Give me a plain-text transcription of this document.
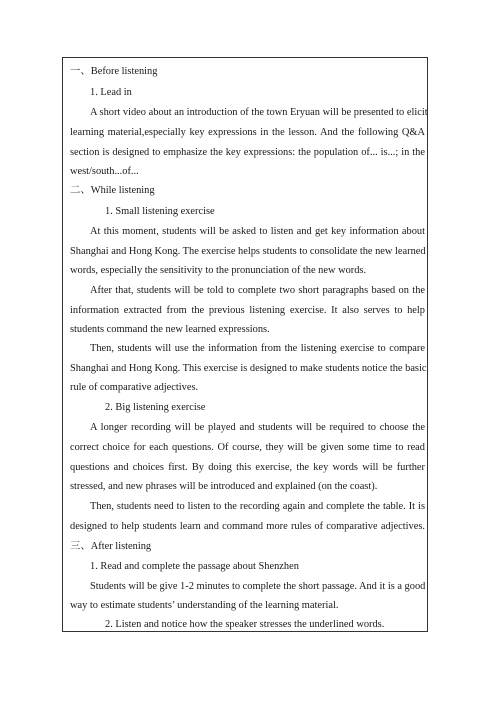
一、Before listening
1. Lead in
A short video about an introduction of the town Eryuan will be presented to elicit
learning material,especially key expressions in the lesson. And the following Q&A
section is designed to emphasize the key expressions: the population of... is...; in the
west/south...of...
二、While listening
1. Small listening exercise
At this moment, students will be asked to listen and get key information about
Shanghai and Hong Kong. The exercise helps students to consolidate the new learned
words, especially the sensitivity to the pronunciation of the new words.
After that, students will be told to complete two short paragraphs based on the
information extracted from the previous listening exercise. It also serves to help
students command the new learned expressions.
Then, students will use the information from the listening exercise to compare
Shanghai and Hong Kong. This exercise is designed to make students notice the basic
rule of comparative adjectives.
2. Big listening exercise
A longer recording will be played and students will be required to choose the
correct choice for each questions. Of course, they will be given some time to read
questions and choices first. By doing this exercise, the key words will be further
stressed, and new phrases will be introduced and explained (on the coast).
Then, students need to listen to the recording again and complete the table. It is
designed to help students learn and command more rules of comparative adjectives.
三、After listening
1. Read and complete the passage about Shenzhen
Students will be give 1-2 minutes to complete the short passage. And it is a good
way to estimate students’ understanding of the learning material.
2. Listen and notice how the speaker stresses the underlined words.
